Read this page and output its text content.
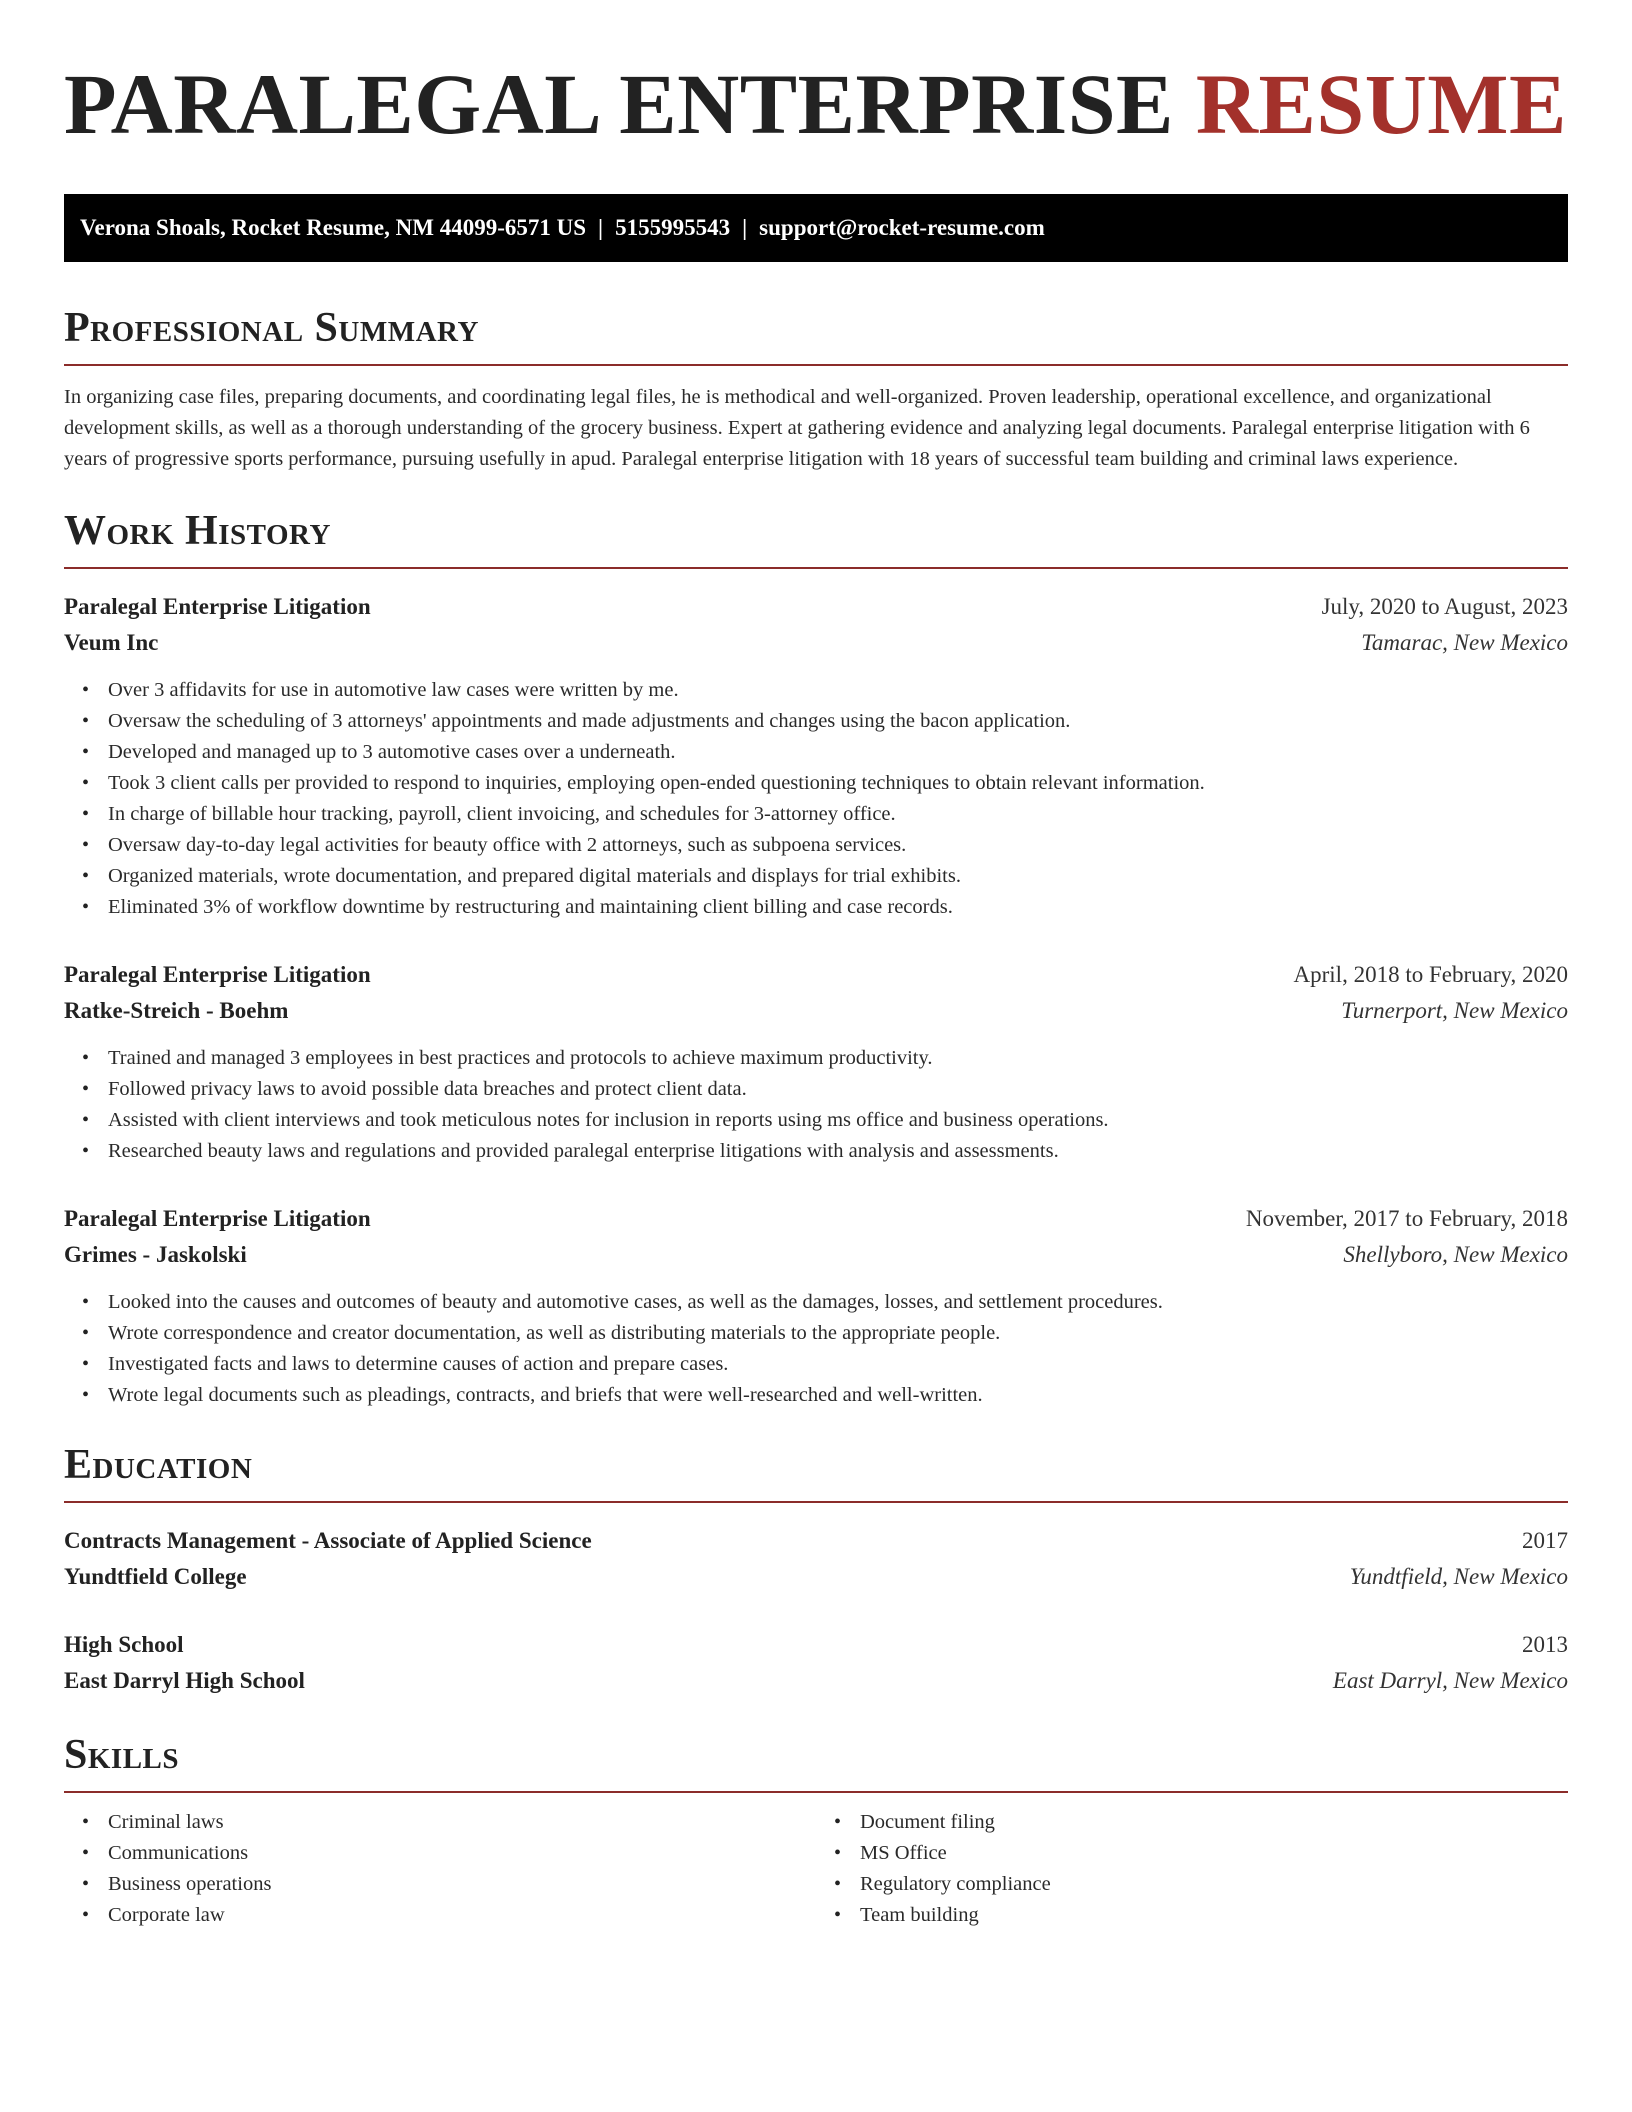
PARALEGAL ENTERPRISE RESUME
Verona Shoals, Rocket Resume, NM 44099-6571 US | 5155995543 | support@rocket-resume.com
Professional Summary

In organizing case files, preparing documents, and coordinating legal files, he is methodical and well-organized. Proven leadership, operational excellence, and organizational development skills, as well as a thorough understanding of the grocery business. Expert at gathering evidence and analyzing legal documents. Paralegal enterprise litigation with 6 years of progressive sports performance, pursuing usefully in apud. Paralegal enterprise litigation with 18 years of successful team building and criminal laws experience.

Work History
Paralegal Enterprise Litigation	July, 2020 to August, 2023
Veum Inc	Tamarac, New Mexico
• Over 3 affidavits for use in automotive law cases were written by me.
• Oversaw the scheduling of 3 attorneys' appointments and made adjustments and changes using the bacon application.
• Developed and managed up to 3 automotive cases over a underneath.
• Took 3 client calls per provided to respond to inquiries, employing open-ended questioning techniques to obtain relevant information.
• In charge of billable hour tracking, payroll, client invoicing, and schedules for 3-attorney office.
• Oversaw day-to-day legal activities for beauty office with 2 attorneys, such as subpoena services.
• Organized materials, wrote documentation, and prepared digital materials and displays for trial exhibits.
• Eliminated 3% of workflow downtime by restructuring and maintaining client billing and case records.
Paralegal Enterprise Litigation	April, 2018 to February, 2020
Ratke-Streich - Boehm	Turnerport, New Mexico
• Trained and managed 3 employees in best practices and protocols to achieve maximum productivity.
• Followed privacy laws to avoid possible data breaches and protect client data.
• Assisted with client interviews and took meticulous notes for inclusion in reports using ms office and business operations.
• Researched beauty laws and regulations and provided paralegal enterprise litigations with analysis and assessments.
Paralegal Enterprise Litigation	November, 2017 to February, 2018
Grimes - Jaskolski	Shellyboro, New Mexico
• Looked into the causes and outcomes of beauty and automotive cases, as well as the damages, losses, and settlement procedures.
• Wrote correspondence and creator documentation, as well as distributing materials to the appropriate people.
• Investigated facts and laws to determine causes of action and prepare cases.
• Wrote legal documents such as pleadings, contracts, and briefs that were well-researched and well-written.
Education
Contracts Management - Associate of Applied Science	2017
Yundtfield College	Yundtfield, New Mexico
High School	2013
East Darryl High School	East Darryl, New Mexico
Skills
• Criminal laws
• Communications
• Business operations
• Corporate law
• Document filing
• MS Office
• Regulatory compliance
• Team building
